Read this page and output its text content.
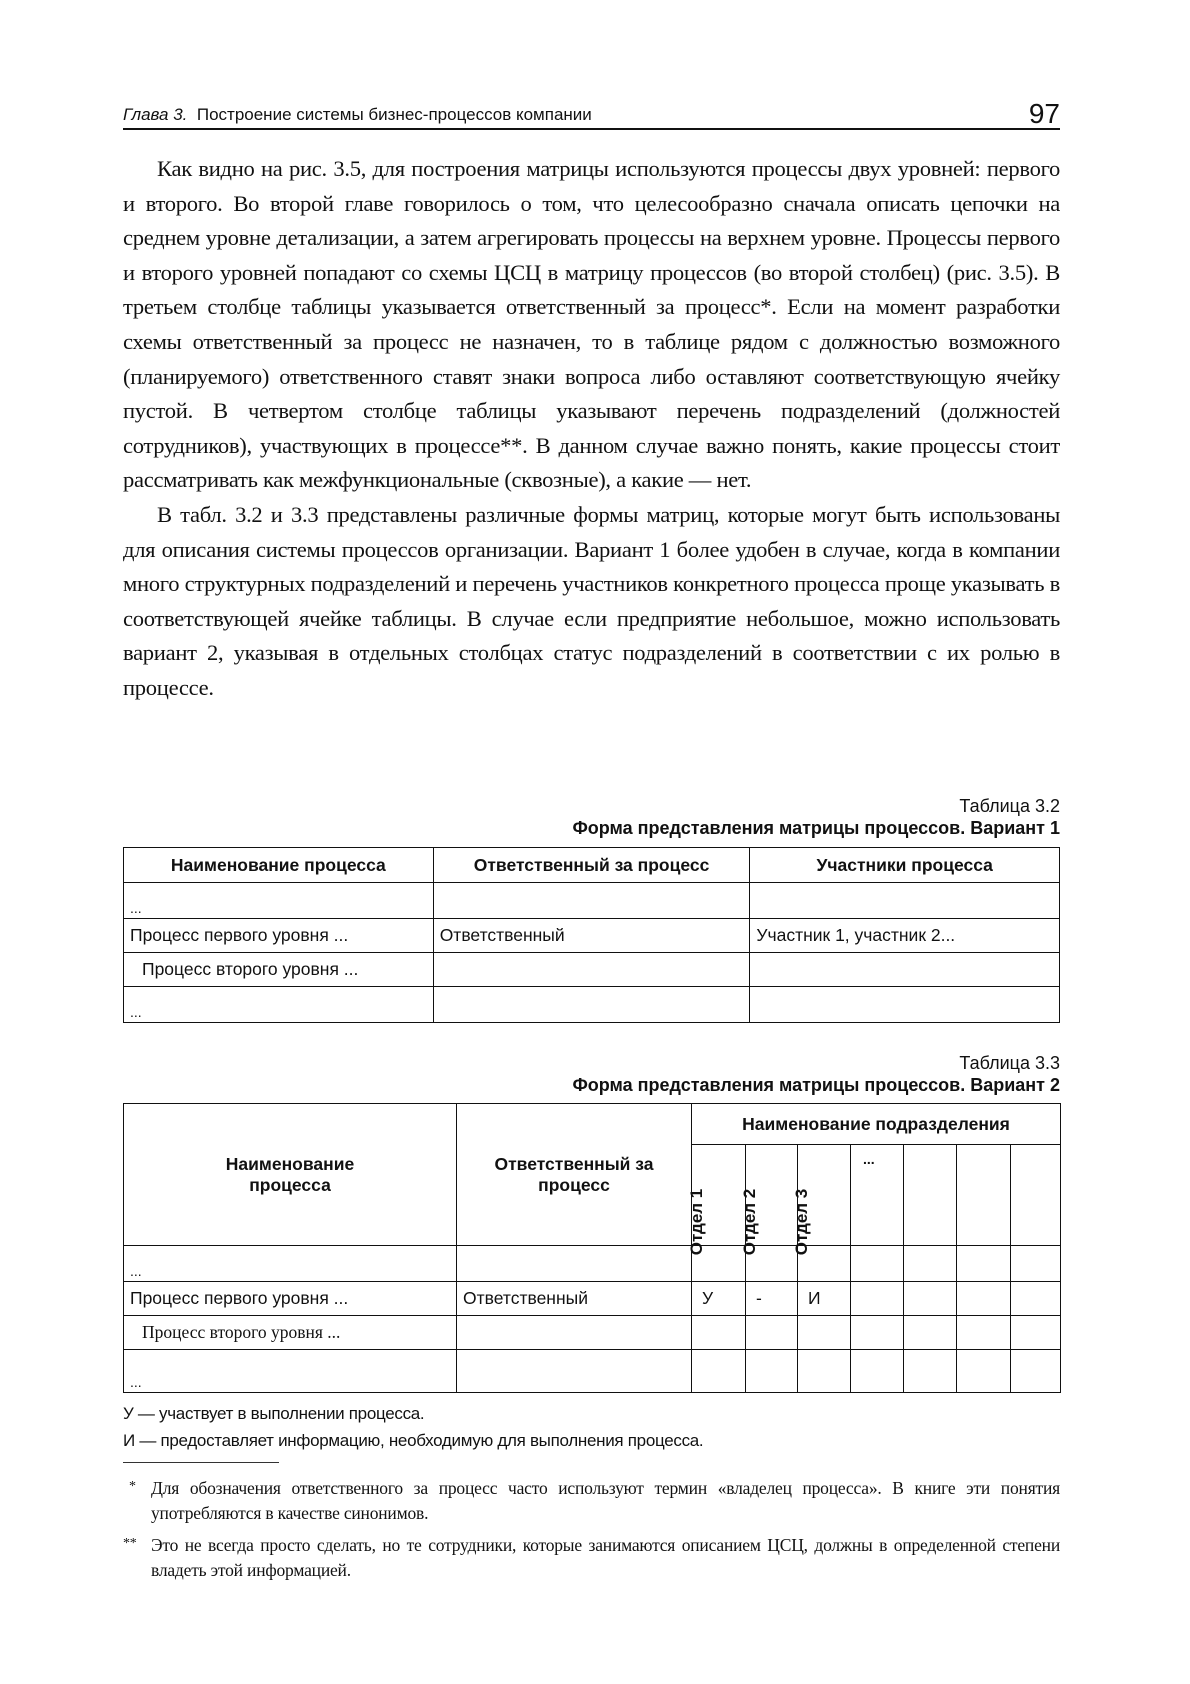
Глава 3. Построение системы бизнес-процессов компании	97

Как видно на рис. 3.5, для построения матрицы используются процессы двух уровней: первого и второго. Во второй главе говорилось о том, что целесообразно сначала описать цепочки на среднем уровне детализации, а затем агрегировать процессы на верхнем уровне. Процессы первого и второго уровней попадают со схемы ЦСЦ в матрицу процессов (во второй столбец) (рис. 3.5). В третьем столбце таблицы указывается ответственный за процесс*. Если на момент разработки схемы ответственный за процесс не назначен, то в таблице рядом с должностью возможного (планируемого) ответственного ставят знаки вопроса либо оставляют соответствующую ячейку пустой. В четвертом столбце таблицы указывают перечень подразделений (должностей сотрудников), участвующих в процессе**. В данном случае важно понять, какие процессы стоит рассматривать как межфункциональные (сквозные), а какие — нет.

В табл. 3.2 и 3.3 представлены различные формы матриц, которые могут быть использованы для описания системы процессов организации. Вариант 1 более удобен в случае, когда в компании много структурных подразделений и перечень участников конкретного процесса проще указывать в соответствующей ячейке таблицы. В случае если предприятие небольшое, можно использовать вариант 2, указывая в отдельных столбцах статус подразделений в соответствии с их ролью в процессе.

Таблица 3.2
Форма представления матрицы процессов. Вариант 1
Наименование процесса	Ответственный за процесс	Участники процесса
...		
Процесс первого уровня ...	Ответственный	Участник 1, участник 2...
Процесс второго уровня ...		
...		
Таблица 3.3
Форма представления матрицы процессов. Вариант 2
Наименование процесса	Ответственный за процесс	Наименование подразделения						

		Отдел 1	Отдел 2	Отдел 3	...			

...								
Процесс первого уровня ...	Ответственный	У	-	И				
Процесс второго уровня ...								
...								
У — участвует в выполнении процесса.
И — предоставляет информацию, необходимую для выполнения процесса.
* Для обозначения ответственного за процесс часто используют термин «владелец процесса». В книге эти понятия употребляются в качестве синонимов.
** Это не всегда просто сделать, но те сотрудники, которые занимаются описанием ЦСЦ, должны в определенной степени владеть этой информацией.
